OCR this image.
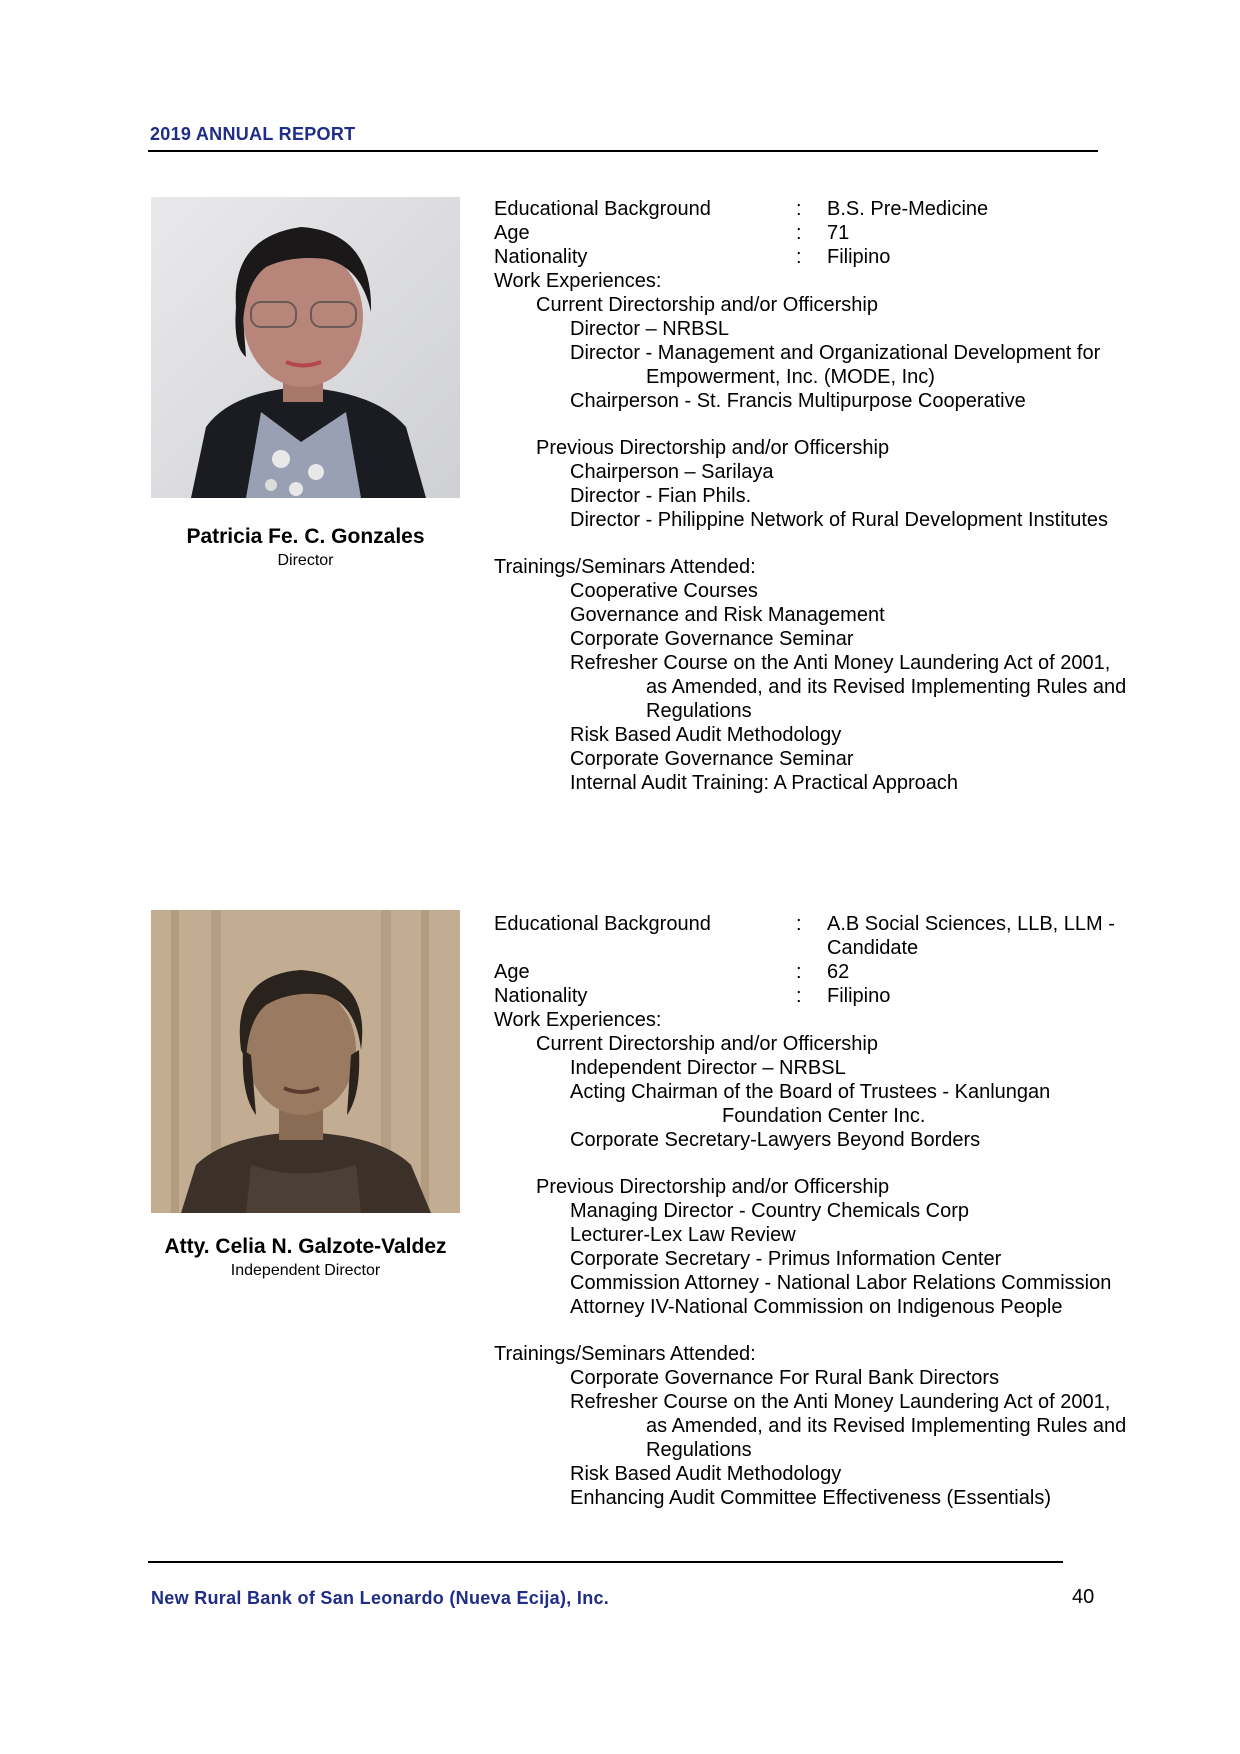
2019 ANNUAL REPORT
Patricia Fe. C. Gonzales
Director
Educational Background	: B.S. Pre-Medicine
Age	: 71
Nationality	: Filipino
Work Experiences:
Current Directorship and/or Officership
Director – NRBSL
Director - Management and Organizational Development for
Empowerment, Inc. (MODE, Inc)
Chairperson - St. Francis Multipurpose Cooperative
Previous Directorship and/or Officership
Chairperson – Sarilaya
Director - Fian Phils.
Director - Philippine Network of Rural Development Institutes
Trainings/Seminars Attended:
Cooperative Courses
Governance and Risk Management
Corporate Governance Seminar
Refresher Course on the Anti Money Laundering Act of 2001,
as Amended, and its Revised Implementing Rules and
Regulations
Risk Based Audit Methodology
Corporate Governance Seminar
Internal Audit Training: A Practical Approach
Atty. Celia N. Galzote-Valdez
Independent Director
Educational Background	: A.B Social Sciences, LLB, LLM - Candidate
Age	: 62
Nationality	: Filipino
Work Experiences:
Current Directorship and/or Officership
Independent Director – NRBSL
Acting Chairman of the Board of Trustees - Kanlungan
Foundation Center Inc.
Corporate Secretary-Lawyers Beyond Borders
Previous Directorship and/or Officership
Managing Director - Country Chemicals Corp
Lecturer-Lex Law Review
Corporate Secretary - Primus Information Center
Commission Attorney - National Labor Relations Commission
Attorney IV-National Commission on Indigenous People
Trainings/Seminars Attended:
Corporate Governance For Rural Bank Directors
Refresher Course on the Anti Money Laundering Act of 2001,
as Amended, and its Revised Implementing Rules and
Regulations
Risk Based Audit Methodology
Enhancing Audit Committee Effectiveness (Essentials)
New Rural Bank of San Leonardo (Nueva Ecija), Inc.	40
